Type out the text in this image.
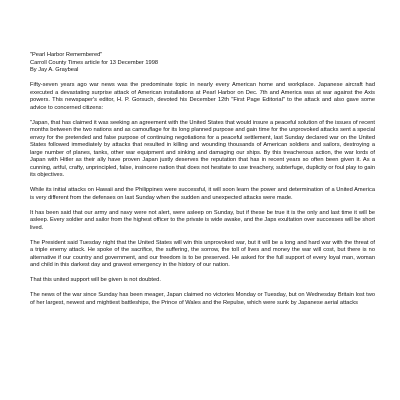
"Pearl Harbor Remembered"
Carroll County Times article for 13 December 1998
By Jay A. Graybeal

Fifty-seven years ago war news was the predominate topic in nearly every American home and workplace. Japanese aircraft had executed a devastating surprise attack of American installations at Pearl Harbor on Dec. 7th and America was at war against the Axis powers. This newspaper's editor, H. P. Gorsuch, devoted his December 12th "First Page Editorial" to the attack and also gave some advice to concerned citizens:

"Japan, that has claimed it was seeking an agreement with the United States that would insure a peaceful solution of the issues of recent months between the two nations and as camouflage for its long planned purpose and gain time for the unprovoked attacks sent a special envoy for the pretended and false purpose of continuing negotiations for a peaceful settlement, last Sunday declared war on the United States followed immediately by attacks that resulted in killing and wounding thousands of American soldiers and sailors, destroying a large number of planes, tanks, other war equipment and sinking and damaging our ships. By this treacherous action, the war lords of Japan with Hitler as their ally have proven Japan justly deserves the reputation that has in recent years so often been given it. As a cunning, artful, crafty, unprincipled, false, insincere nation that does not hesitate to use treachery, subterfuge, duplicity or foul play to gain its objectives.

While its initial attacks on Hawaii and the Philippines were successful, it will soon learn the power and determination of a United America is very different from the defenses on last Sunday when the sudden and unexpected attacks were made.

It has been said that our army and navy were not alert, were asleep on Sunday, but if these be true it is the only and last time it will be asleep. Every soldier and sailor from the highest officer to the private is wide awake, and the Japs exultation over successes will be short lived.

The President said Tuesday night that the United States will win this unprovoked war, but it will be a long and hard war with the threat of a triple enemy attack. He spoke of the sacrifice, the suffering, the sorrow, the toll of lives and money the war will cost, but there is no alternative if our country and government, and our freedom is to be preserved. He asked for the full support of every loyal man, woman and child in this darkest day and gravest emergency in the history of our nation.

That this united support will be given is not doubted.

The news of the war since Sunday has been meager, Japan claimed no victories Monday or Tuesday, but on Wednesday Britain lost two of her largest, newest and mightiest battleships, the Prince of Wales and the Repulse, which were sunk by Japanese aerial attacks
